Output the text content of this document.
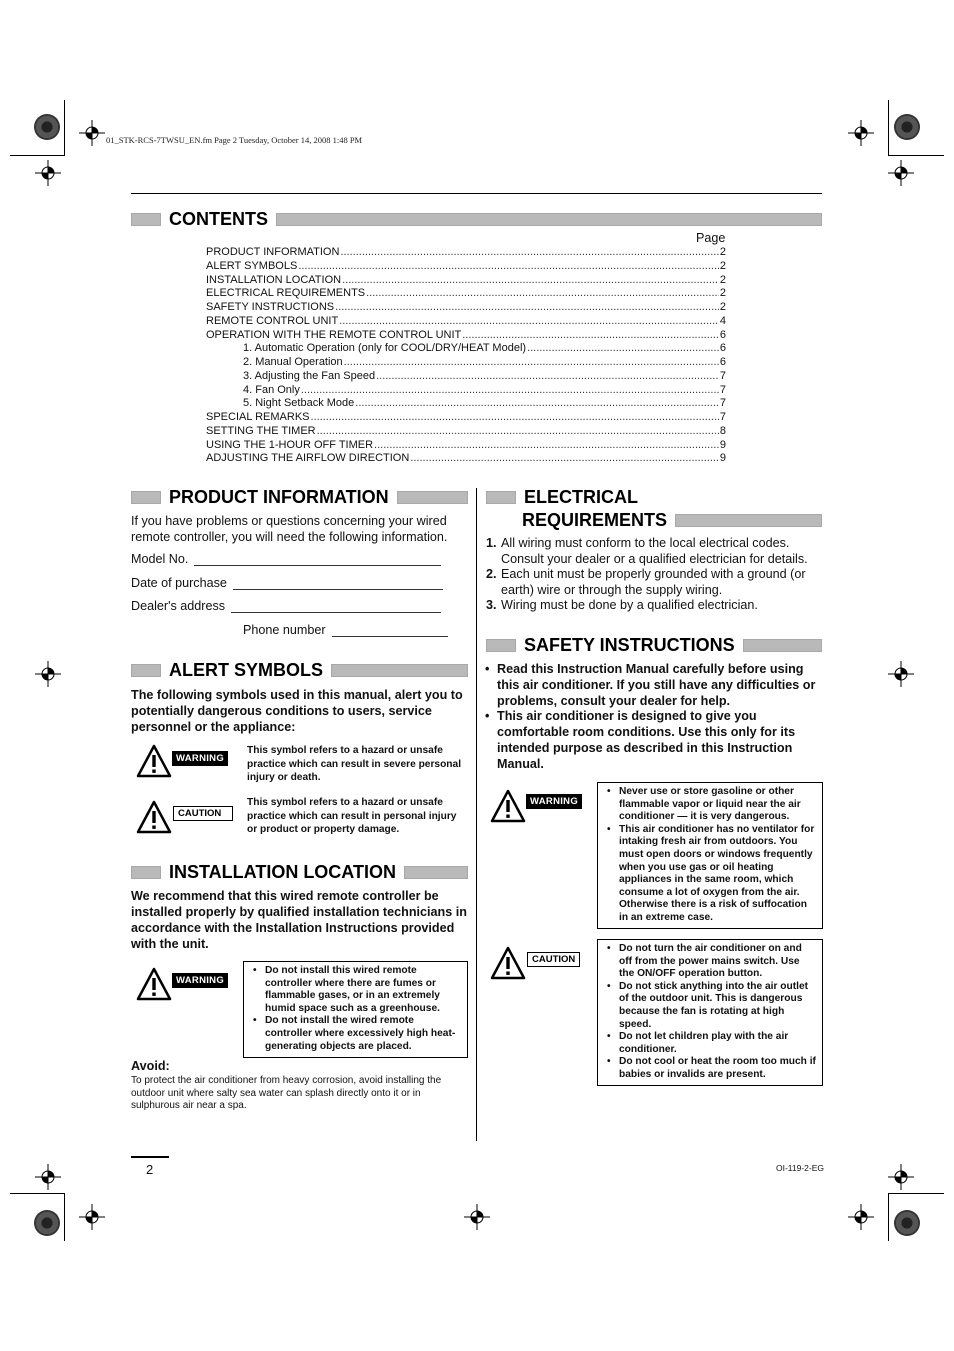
01_STK-RCS-7TWSU_EN.fm Page 2 Tuesday, October 14, 2008 1:48 PM
CONTENTS
Page
PRODUCT INFORMATION .....	2
ALERT SYMBOLS .....	2
INSTALLATION LOCATION .....	2
ELECTRICAL REQUIREMENTS .....	2
SAFETY INSTRUCTIONS .....	2
REMOTE CONTROL UNIT .....	4
OPERATION WITH THE REMOTE CONTROL UNIT .....	6
1. Automatic Operation (only for COOL/DRY/HEAT Model) .....	6
2. Manual Operation .....	6
3. Adjusting the Fan Speed .....	7
4. Fan Only .....	7
5. Night Setback Mode .....	7
SPECIAL REMARKS .....	7
SETTING THE TIMER .....	8
USING THE 1-HOUR OFF TIMER .....	9
ADJUSTING THE AIRFLOW DIRECTION .....	9
PRODUCT INFORMATION
If you have problems or questions concerning your wired remote controller, you will need the following information.
Model No.
Date of purchase
Dealer's address
Phone number
ALERT SYMBOLS
The following symbols used in this manual, alert you to potentially dangerous conditions to users, service personnel or the appliance:
WARNING
This symbol refers to a hazard or unsafe practice which can result in severe personal injury or death.
CAUTION
This symbol refers to a hazard or unsafe practice which can result in personal injury or product or property damage.
INSTALLATION LOCATION
We recommend that this wired remote controller be installed properly by qualified installation technicians in accordance with the Installation Instructions provided with the unit.
WARNING
• Do not install this wired remote controller where there are fumes or flammable gases, or in an extremely humid space such as a greenhouse.
• Do not install the wired remote controller where excessively high heat-generating objects are placed.
Avoid:
To protect the air conditioner from heavy corrosion, avoid installing the outdoor unit where salty sea water can splash directly onto it or in sulphurous air near a spa.
ELECTRICAL
REQUIREMENTS
1. All wiring must conform to the local electrical codes. Consult your dealer or a qualified electrician for details.
2. Each unit must be properly grounded with a ground (or earth) wire or through the supply wiring.
3. Wiring must be done by a qualified electrician.
SAFETY INSTRUCTIONS
• Read this Instruction Manual carefully before using this air conditioner. If you still have any difficulties or problems, consult your dealer for help.
• This air conditioner is designed to give you comfortable room conditions. Use this only for its intended purpose as described in this Instruction Manual.
WARNING
• Never use or store gasoline or other flammable vapor or liquid near the air conditioner — it is very dangerous.
• This air conditioner has no ventilator for intaking fresh air from outdoors. You must open doors or windows frequently when you use gas or oil heating appliances in the same room, which consume a lot of oxygen from the air. Otherwise there is a risk of suffocation in an extreme case.
CAUTION
• Do not turn the air conditioner on and off from the power mains switch. Use the ON/OFF operation button.
• Do not stick anything into the air outlet of the outdoor unit. This is dangerous because the fan is rotating at high speed.
• Do not let children play with the air conditioner.
• Do not cool or heat the room too much if babies or invalids are present.
2	OI-119-2-EG
